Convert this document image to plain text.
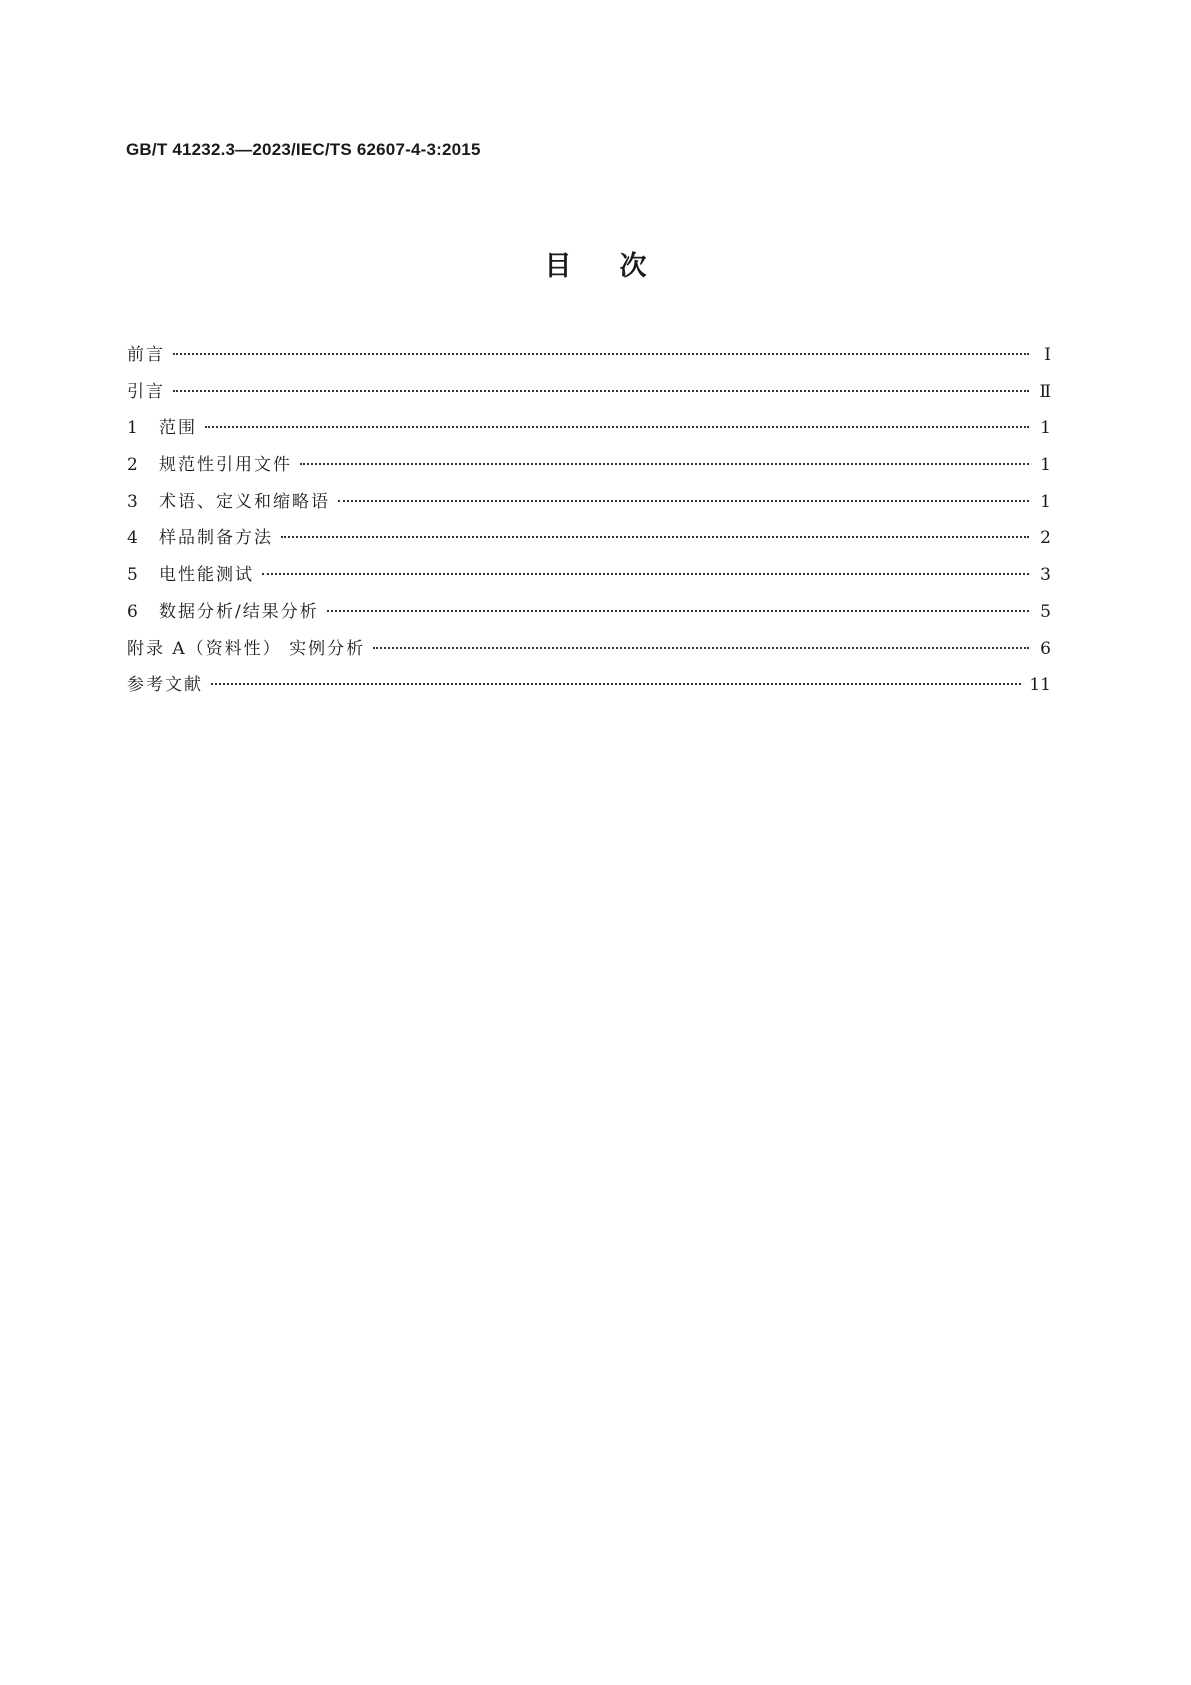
GB/T 41232.3—2023/IEC/TS 62607-4-3:2015
目次
前言	Ⅰ
引言	Ⅱ
1	范围	1
2	规范性引用文件	1
3	术语、定义和缩略语	1
4	样品制备方法	2
5	电性能测试	3
6	数据分析/结果分析	5
附录 A（资料性） 实例分析	6
参考文献	11
